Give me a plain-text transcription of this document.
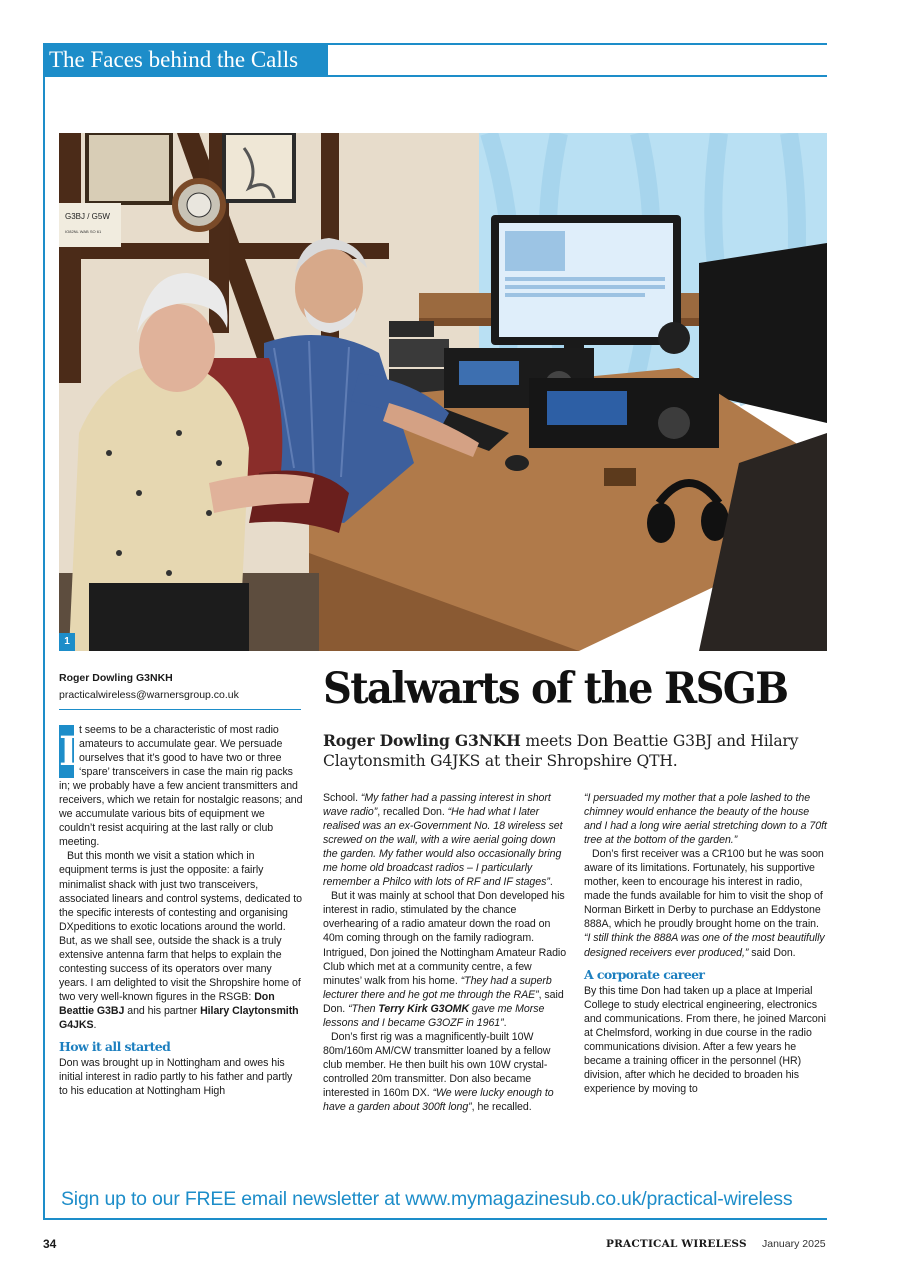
The Faces behind the Calls
G3BJ / G5W
IO82NL WAB SO 61
1
Roger Dowling G3NKH
practicalwireless@warnersgroup.co.uk Stalwarts of the RSGB
Roger Dowling G3NKH meets Don Beattie G3BJ and Hilary Claytonsmith G4JKS at their Shropshire QTH.

I t seems to be a characteristic of most radio amateurs to accumulate gear. We persuade ourselves that it’s good to have two or three ‘spare’ transceivers in case the main rig packs in; we probably have a few ancient transmitters and receivers, which we retain for nostalgic reasons; and we accumulate various bits of equipment we couldn’t resist acquiring at the last rally or club meeting.

But this month we visit a station which in equipment terms is just the opposite: a fairly minimalist shack with just two transceivers, associated linears and control systems, dedicated to the specific interests of contesting and organising DXpeditions to exotic locations around the world. But, as we shall see, outside the shack is a truly extensive antenna farm that helps to explain the contesting success of its operators over many years. I am delighted to visit the Shropshire home of two very well-known figures in the RSGB: Don Beattie G3BJ and his partner Hilary Claytonsmith G4JKS.

How it all started

Don was brought up in Nottingham and owes his initial interest in radio partly to his father and partly to his education at Nottingham High

School. “My father had a passing interest in short wave radio”, recalled Don. “He had what I later realised was an ex-Government No. 18 wireless set screwed on the wall, with a wire aerial going down the garden. My father would also occasionally bring me home old broadcast radios – I particularly remember a Philco with lots of RF and IF stages”.

But it was mainly at school that Don developed his interest in radio, stimulated by the chance overhearing of a radio amateur down the road on 40m coming through on the family radiogram. Intrigued, Don joined the Nottingham Amateur Radio Club which met at a community centre, a few minutes’ walk from his home. “They had a superb lecturer there and he got me through the RAE”, said Don. “Then Terry Kirk G3OMK gave me Morse lessons and I became G3OZF in 1961”.

Don’s first rig was a magnificently-built 10W 80m/160m AM/CW transmitter loaned by a fellow club member. He then built his own 10W crystal-controlled 20m transmitter. Don also became interested in 160m DX. “We were lucky enough to have a garden about 300ft long”, he recalled.

“I persuaded my mother that a pole lashed to the chimney would enhance the beauty of the house and I had a long wire aerial stretching down to a 70ft tree at the bottom of the garden.”

Don’s first receiver was a CR100 but he was soon aware of its limitations. Fortunately, his supportive mother, keen to encourage his interest in radio, made the funds available for him to visit the shop of Norman Birkett in Derby to purchase an Eddystone 888A, which he proudly brought home on the train. “I still think the 888A was one of the most beautifully designed receivers ever produced,” said Don.

A corporate career

By this time Don had taken up a place at Imperial College to study electrical engineering, electronics and communications. From there, he joined Marconi at Chelmsford, working in due course in the radio communications division. After a few years he became a training officer in the personnel (HR) division, after which he decided to broaden his experience by moving to

Sign up to our FREE email newsletter at www.mymagazinesub.co.uk/practical-wireless
34	PRACTICAL WIRELESS January 2025
